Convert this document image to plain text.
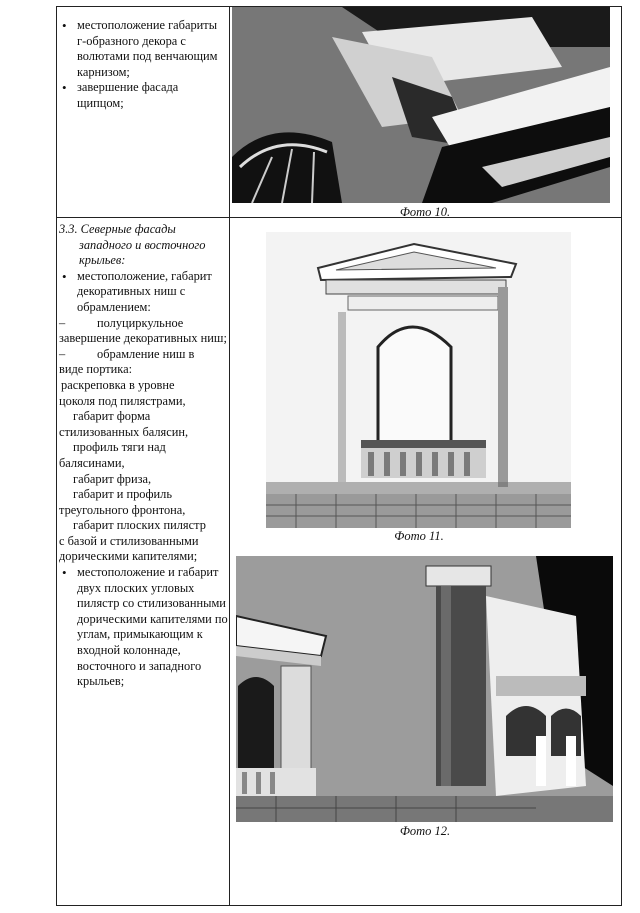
• местоположение габариты г-образного декора с волютами под венчающим карнизом;
• завершение фасада щипцом;
3.3. Северные фасады
западного и восточного
крыльев:
• местоположение, габарит декоративных ниш с обрамлением:
–	полуциркульное
завершение декоративных ниш;
–	обрамление ниш в
виде портика:
раскреповка в уровне
цоколя под пилястрами,
габарит форма
стилизованных балясин,
профиль тяги над
балясинами,
габарит фриза,
габарит и профиль
треугольного фронтона,
габарит плоских пилястр
с базой и стилизованными
дорическими капителями;
• местоположение и габарит двух плоских угловых пилястр со стилизованными дорическими капителями по углам, примыкающим к входной колоннаде, восточного и западного крыльев;
Фото 10.
Фото 11.
Фото 12.
